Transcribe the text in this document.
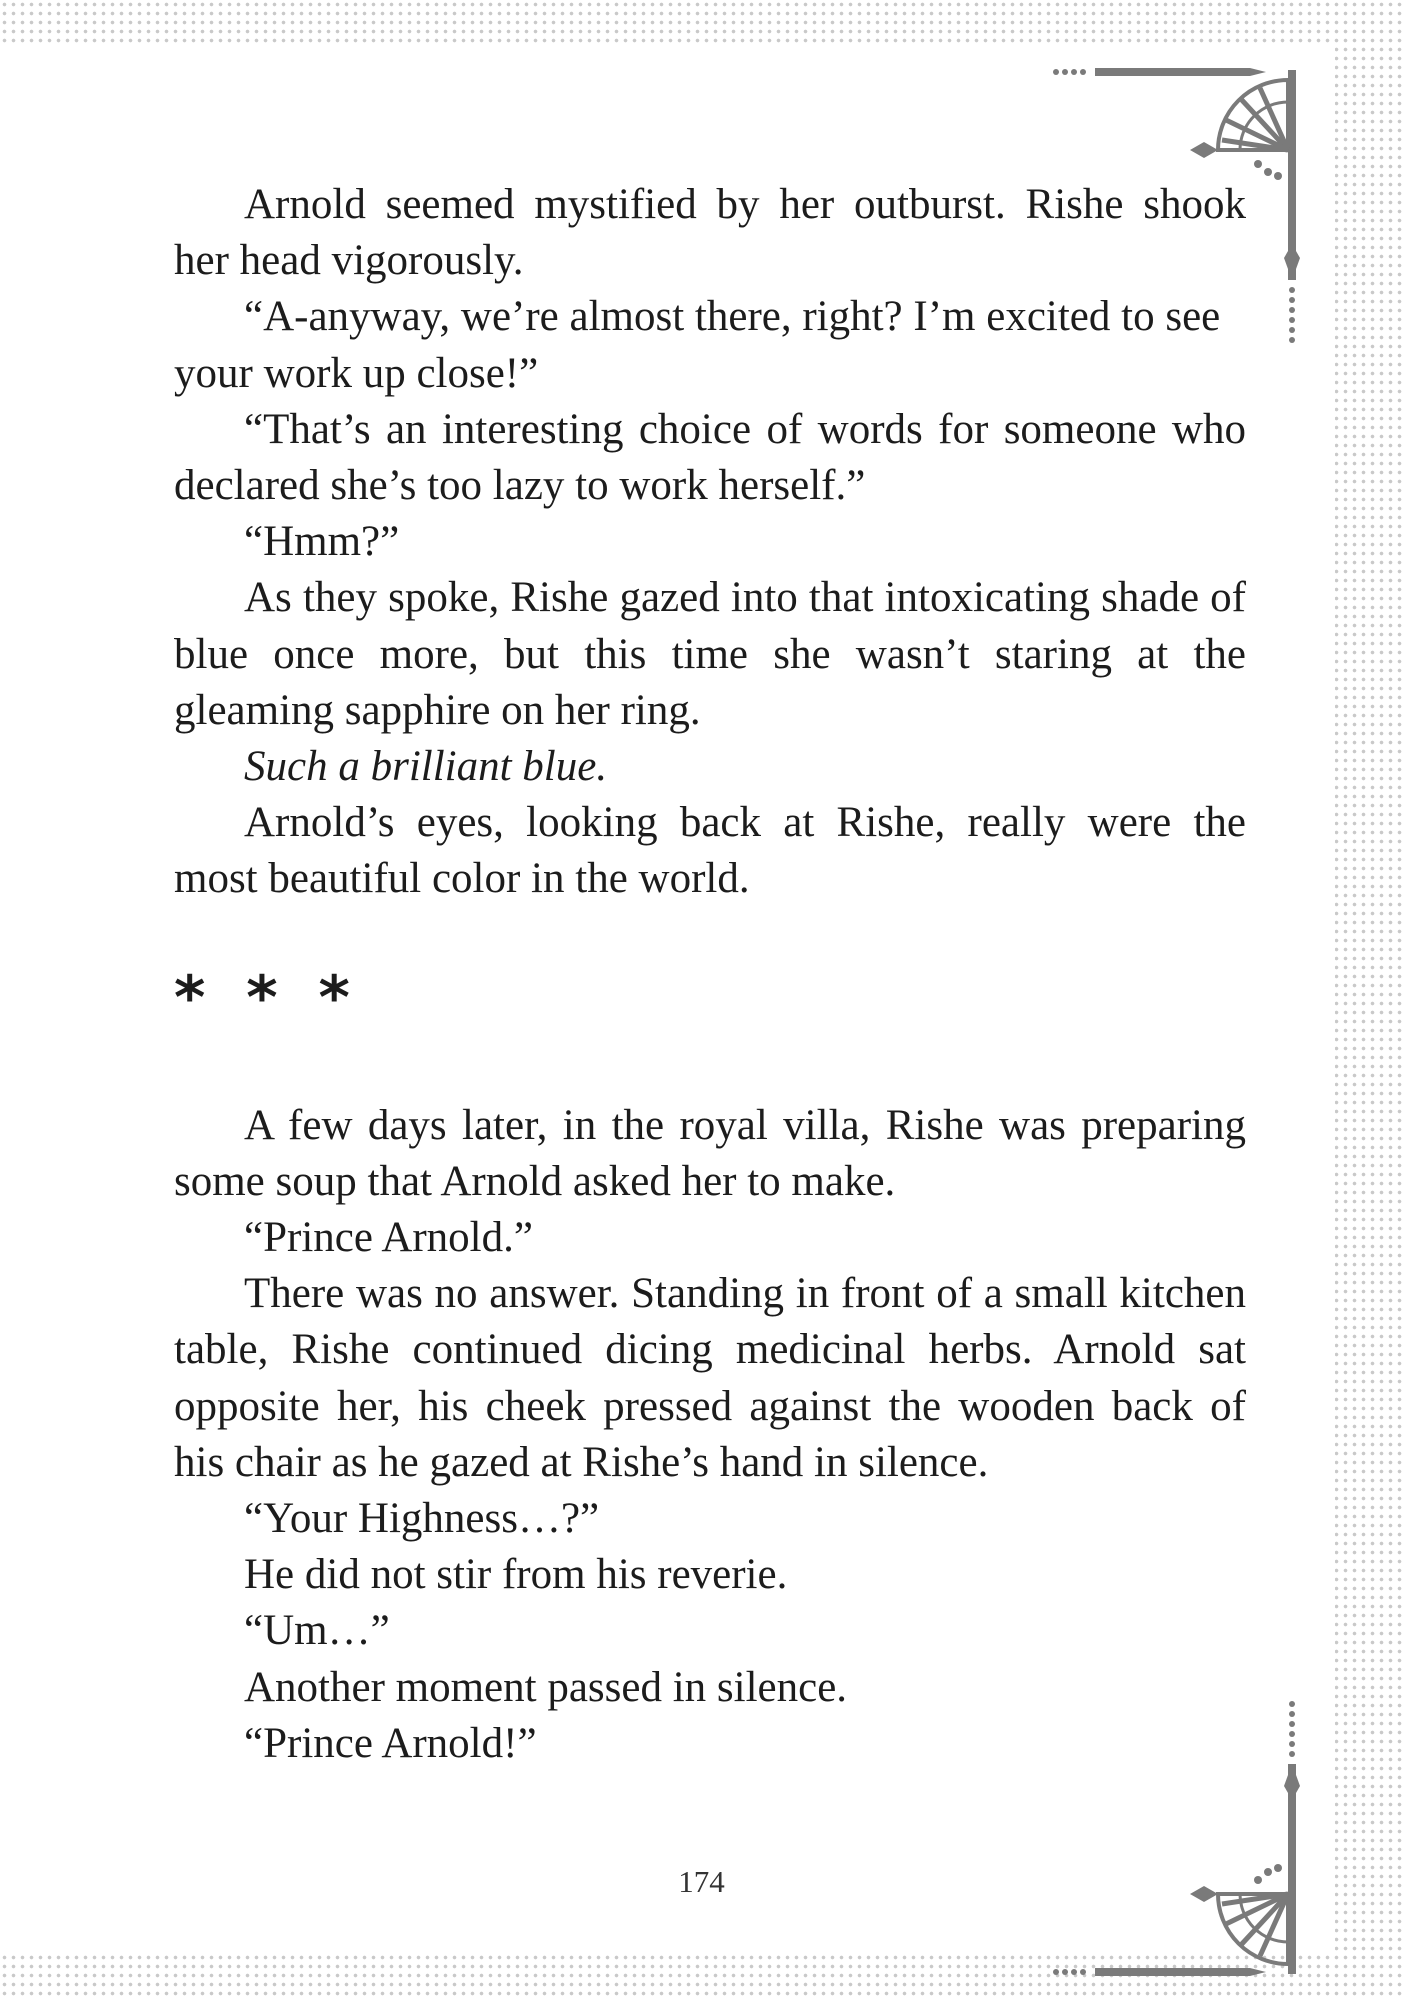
Arnold seemed mystified by her outburst. Rishe shook her head vigorously.

“A-anyway, we’re almost there, right? I’m excited to see your work up close!”

“That’s an interesting choice of words for someone who declared she’s too lazy to work herself.”

“Hmm?”

As they spoke, Rishe gazed into that intoxicating shade of blue once more, but this time she wasn’t staring at the gleaming sapphire on her ring.

Such a brilliant blue.

Arnold’s eyes, looking back at Rishe, really were the most beautiful color in the world.

* * *

A few days later, in the royal villa, Rishe was preparing some soup that Arnold asked her to make.

“Prince Arnold.”

There was no answer. Standing in front of a small kitchen table, Rishe continued dicing medicinal herbs. Arnold sat opposite her, his cheek pressed against the wooden back of his chair as he gazed at Rishe’s hand in silence.

“Your Highness…?”

He did not stir from his reverie.

“Um…”

Another moment passed in silence.

“Prince Arnold!”

174
